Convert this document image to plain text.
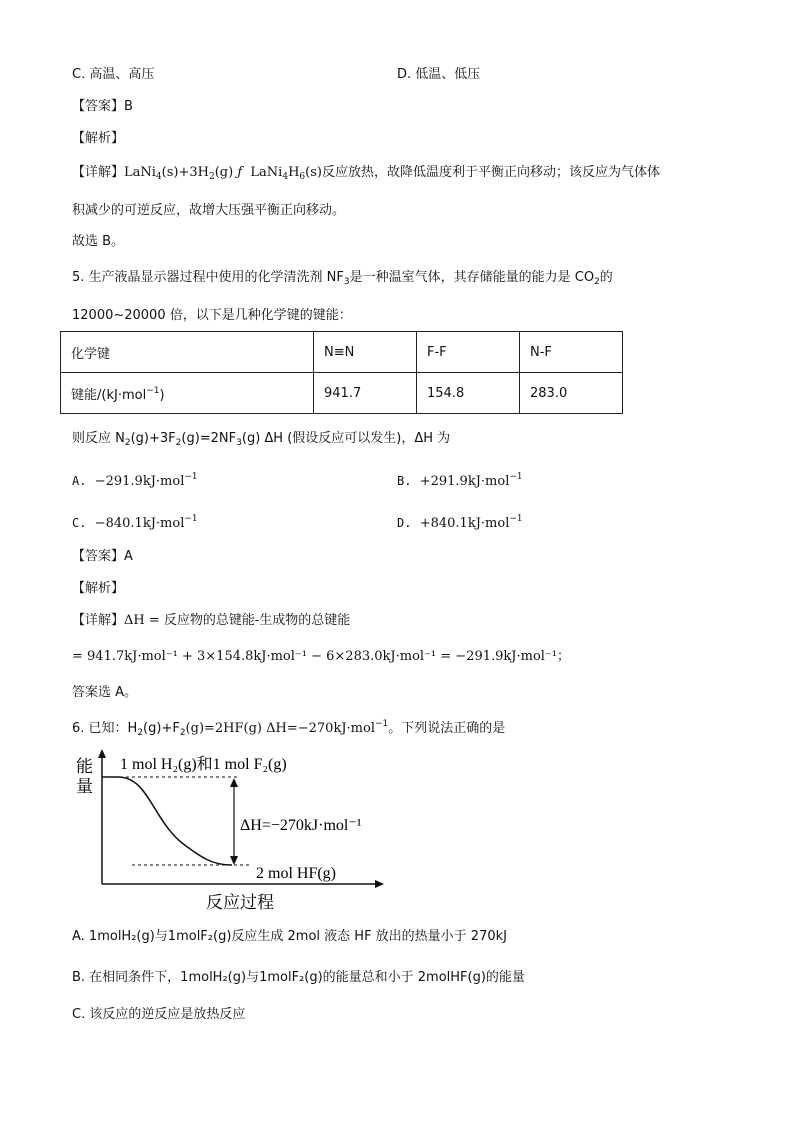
C. 高温、高压	D. 低温、低压
【答案】B
【解析】
【详解】$LaNi_4(s)+3H_2(g)$ ƒ $LaNi_4H_6(s)$反应放热，故降低温度利于平衡正向移动；该反应为气体体
积减少的可逆反应，故增大压强平衡正向移动。
故选 B。
5. 生产液晶显示器过程中使用的化学清洗剂 $NF_3$是一种温室气体，其存储能量的能力是 $CO_2$的
12000~20000 倍，以下是几种化学键的键能：
化学键	N≡N	F-F	N-F
键能/(kJ·mol$^{-1}$)	941.7	154.8	283.0
则反应 $N_2(g)+3F_2(g)=2NF_3(g)$ ΔH (假设反应可以发生)，ΔH 为
A. −291.9kJ·mol$^{-1}$	B. +291.9kJ·mol$^{-1}$
C. −840.1kJ·mol$^{-1}$	D. +840.1kJ·mol$^{-1}$
【答案】A
【解析】
【详解】ΔH = 反应物的总键能-生成物的总键能
= 941.7kJ·mol⁻¹ + 3×154.8kJ·mol⁻¹ − 6×283.0kJ·mol⁻¹ = −291.9kJ·mol⁻¹；
答案选 A。
6. 已知：$H_2(g)+F_2(g)=2HF(g)$ ΔH=−270kJ·mol$^{-1}$。下列说法正确的是
能
量
1 mol H₂(g)和1 mol F₂(g)
ΔH=−270kJ·mol⁻¹
2 mol HF(g)
反应过程
A. 1molH₂(g)与1molF₂(g)反应生成 2mol 液态 HF 放出的热量小于 270kJ
B. 在相同条件下，1molH₂(g)与1molF₂(g)的能量总和小于 2molHF(g)的能量
C. 该反应的逆反应是放热反应
